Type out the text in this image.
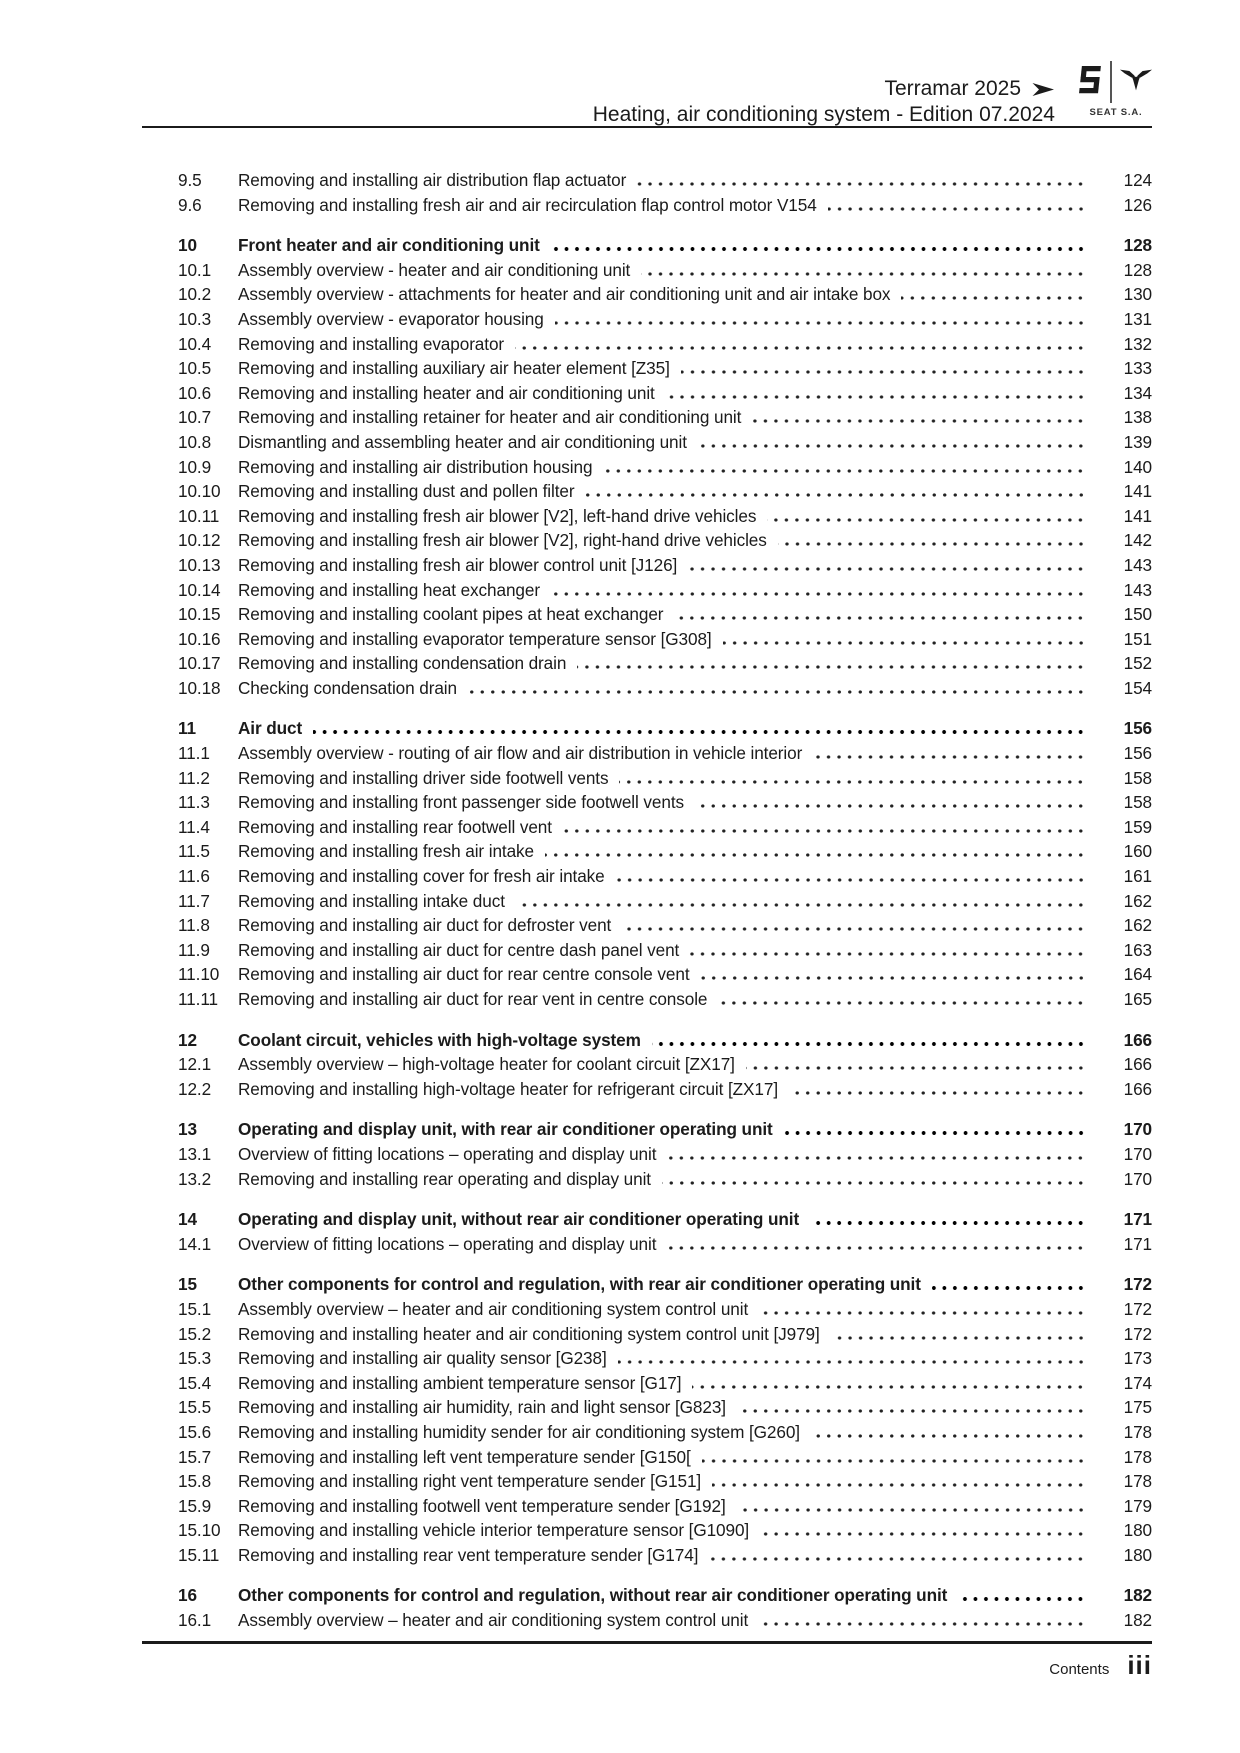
Terramar 2025
Heating, air conditioning system - Edition 07.2024	SEAT S.A.
9.5	Removing and installing air distribution flap actuator	124
9.6	Removing and installing fresh air and air recirculation flap control motor V154	126
10	Front heater and air conditioning unit	128
10.1	Assembly overview - heater and air conditioning unit	128
10.2	Assembly overview - attachments for heater and air conditioning unit and air intake box	130
10.3	Assembly overview - evaporator housing	131
10.4	Removing and installing evaporator	132
10.5	Removing and installing auxiliary air heater element [Z35]	133
10.6	Removing and installing heater and air conditioning unit	134
10.7	Removing and installing retainer for heater and air conditioning unit	138
10.8	Dismantling and assembling heater and air conditioning unit	139
10.9	Removing and installing air distribution housing	140
10.10	Removing and installing dust and pollen filter	141
10.11	Removing and installing fresh air blower [V2], left-hand drive vehicles	141
10.12	Removing and installing fresh air blower [V2], right-hand drive vehicles	142
10.13	Removing and installing fresh air blower control unit [J126]	143
10.14	Removing and installing heat exchanger	143
10.15	Removing and installing coolant pipes at heat exchanger	150
10.16	Removing and installing evaporator temperature sensor [G308]	151
10.17	Removing and installing condensation drain	152
10.18	Checking condensation drain	154
11	Air duct	156
11.1	Assembly overview - routing of air flow and air distribution in vehicle interior	156
11.2	Removing and installing driver side footwell vents	158
11.3	Removing and installing front passenger side footwell vents	158
11.4	Removing and installing rear footwell vent	159
11.5	Removing and installing fresh air intake	160
11.6	Removing and installing cover for fresh air intake	161
11.7	Removing and installing intake duct	162
11.8	Removing and installing air duct for defroster vent	162
11.9	Removing and installing air duct for centre dash panel vent	163
11.10	Removing and installing air duct for rear centre console vent	164
11.11	Removing and installing air duct for rear vent in centre console	165
12	Coolant circuit, vehicles with high-voltage system	166
12.1	Assembly overview – high-voltage heater for coolant circuit [ZX17]	166
12.2	Removing and installing high-voltage heater for refrigerant circuit [ZX17]	166
13	Operating and display unit, with rear air conditioner operating unit	170
13.1	Overview of fitting locations – operating and display unit	170
13.2	Removing and installing rear operating and display unit	170
14	Operating and display unit, without rear air conditioner operating unit	171
14.1	Overview of fitting locations – operating and display unit	171
15	Other components for control and regulation, with rear air conditioner operating unit	172
15.1	Assembly overview – heater and air conditioning system control unit	172
15.2	Removing and installing heater and air conditioning system control unit [J979]	172
15.3	Removing and installing air quality sensor [G238]	173
15.4	Removing and installing ambient temperature sensor [G17]	174
15.5	Removing and installing air humidity, rain and light sensor [G823]	175
15.6	Removing and installing humidity sender for air conditioning system [G260]	178
15.7	Removing and installing left vent temperature sender [G150[	178
15.8	Removing and installing right vent temperature sender [G151]	178
15.9	Removing and installing footwell vent temperature sender [G192]	179
15.10	Removing and installing vehicle interior temperature sensor [G1090]	180
15.11	Removing and installing rear vent temperature sender [G174]	180
16	Other components for control and regulation, without rear air conditioner operating unit	182
16.1	Assembly overview – heater and air conditioning system control unit	182
Contents iii
